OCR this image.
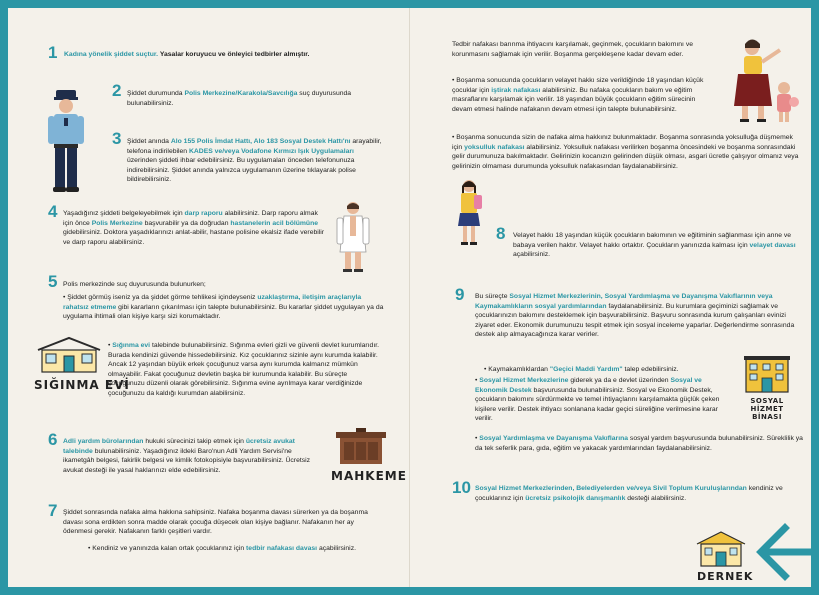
1 Kadına yönelik şiddet suçtur. Yasalar koruyucu ve önleyici tedbirler almıştır.
2 Şiddet durumunda Polis Merkezine/Karakola/Savcılığa suç duyurusunda bulunabilirsiniz.
3 Şiddet anında Alo 155 Polis İmdat Hattı, Alo 183 Sosyal Destek Hattı'nı arayabilir, telefona indirilebilen KADES ve/veya Vodafone Kırmızı Işık Uygulamaları üzerinden şiddeti ihbar edebilirsiniz. Bu uygulamaları önceden telefonunuza indirebilirsiniz. Şiddet anında yalnızca uygulamanın üzerine tıklayarak polise bildirebilirsiniz.
4 Yaşadığınız şiddeti belgeleyebilmek için darp raporu alabilirsiniz. Darp raporu almak için önce Polis Merkezine başvurabilir ya da doğrudan hastanelerin acil bölümüne gidebilirsiniz. Doktora yaşadıklarınızı anlat-abilir, hastane polisine ekalsiz ifade verebilir ve darp raporu alabilirsiniz.
5 Polis merkezinde suç duyurusunda bulunurken;
• Şiddet görmüş iseniz ya da şiddet görme tehlikesi içindeyseniz uzaklaştırma, iletişim araçlarıyla rahatsız etmeme gibi kararların çıkarılması için talepte bulunabilirsiniz. Bu kararlar şiddet uygulayan ya da uygulama ihtimali olan kişiye karşı sizi korumaktadır.
SIĞINMA EVİ
• Sığınma evi talebinde bulunabilirsiniz. Sığınma evleri gizli ve güvenli devlet kurumlarıdır. Burada kendinizi güvende hissedebilirsiniz. Kız çocuklarınız sizinle aynı kurumda kalabilir. Ancak 12 yaşından büyük erkek çocuğunuz varsa aynı kurumda kalmanız mümkün olmayabilir. Fakat çocuğunuz devletin başka bir kurumunda kalabilir. Bu süreçte çocuğunuzu düzenli olarak görebilirsiniz. Sığınma evine ayrılmaya karar verdiğinizde çocuğunuzu da kaldığı kurumdan alabilirsiniz.
6 Adli yardım bürolarından hukuki sürecinizi takip etmek için ücretsiz avukat talebinde bulunabilirsiniz. Yaşadığınız ildeki Baro'nun Adli Yardım Servisi'ne ikametgâh belgesi, fakirlik belgesi ve kimlik fotokopisiyle başvurabilirsiniz. Ücretsiz avukat desteği ile yasal haklarınızı elde edebilirsiniz.	MAHKEME
7 Şiddet sonrasında nafaka alma hakkına sahipsiniz. Nafaka boşanma davası sürerken ya da boşanma davası sona erdikten sonra madde olarak çocuğa düşecek olan kişiye bağlanır. Nafakanın her ay ödenmesi gerekir. Nafakanın farklı çeşitleri vardır.
• Kendiniz ve yanınızda kalan ortak çocuklarınız için tedbir nafakası davası açabilirsiniz.
Tedbir nafakası barınma ihtiyacını karşılamak, geçinmek, çocukların bakımını ve korunmasını sağlamak için verilir. Boşanma gerçekleşene kadar devam eder.
• Boşanma sonucunda çocukların velayet hakkı size verildiğinde 18 yaşından küçük çocuklar için iştirak nafakası alabilirsiniz. Bu nafaka çocukların bakım ve eğitim masraflarını karşılamak için verilir. 18 yaşından büyük çocukların eğitim sürecinin devam etmesi halinde nafakanın devam etmesi için talepte bulunabilirsiniz.
• Boşanma sonucunda sizin de nafaka alma hakkınız bulunmaktadır. Boşanma sonrasında yoksulluğa düşmemek için yoksulluk nafakası alabilirsiniz. Yoksulluk nafakası verilirken boşanma öncesindeki ve boşanma sonrasındaki gelir durumunuza bakılmaktadır. Gelirinizin kocanızın gelirinden düşük olması, asgari ücretle çalışıyor olmanız veya gelirinizin olmaması durumunda yoksulluk nafakasından faydalanabilirsiniz.
8 Velayet hakkı 18 yaşından küçük çocukların bakımının ve eğitiminin sağlanması için anne ve babaya verilen haktır. Velayet hakkı ortaktır. Çocukların yanınızda kalması için velayet davası açabilirsiniz.
9 Bu süreçte Sosyal Hizmet Merkezlerinin, Sosyal Yardımlaşma ve Dayanışma Vakıflarının veya Kaymakamlıkların sosyal yardımlarından faydalanabilirsiniz. Bu kurumlara geçiminizi sağlamak ve çocuklarınızın bakımını desteklemek için başvurabilirsiniz. Başvuru sonrasında kurum çalışanları evinizi ziyaret eder. Ekonomik durumunuzu tespit etmek için sosyal inceleme yaparlar. Değerlendirme sonrasında destek alıp almayacağınıza karar verirler.
• Kaymakamlıklardan "Geçici Maddi Yardım" talep edebilirsiniz.
• Sosyal Hizmet Merkezlerine giderek ya da e devlet üzerinden Sosyal ve Ekonomik Destek başvurusunda bulunabilirsiniz. Sosyal ve Ekonomik Destek, çocukların bakımını sürdürmekte ve temel ihtiyaçlarını karşılamakta güçlük çeken kişilere verilir. Destek ihtiyacı sonlanana kadar geçici süreliğine verilmesine karar verilir.
SOSYAL HİZMET
BİNASI
• Sosyal Yardımlaşma ve Dayanışma Vakıflarına sosyal yardım başvurusunda bulunabilirsiniz. Süreklilik ya da tek seferlik para, gıda, eğitim ve yakacak yardımlarından faydalanabilirsiniz.
10 Sosyal Hizmet Merkezlerinden, Belediyelerden ve/veya Sivil Toplum Kuruluşlarından kendiniz ve çocuklarınız için ücretsiz psikolojik danışmanlık desteği alabilirsiniz.
DERNEK
